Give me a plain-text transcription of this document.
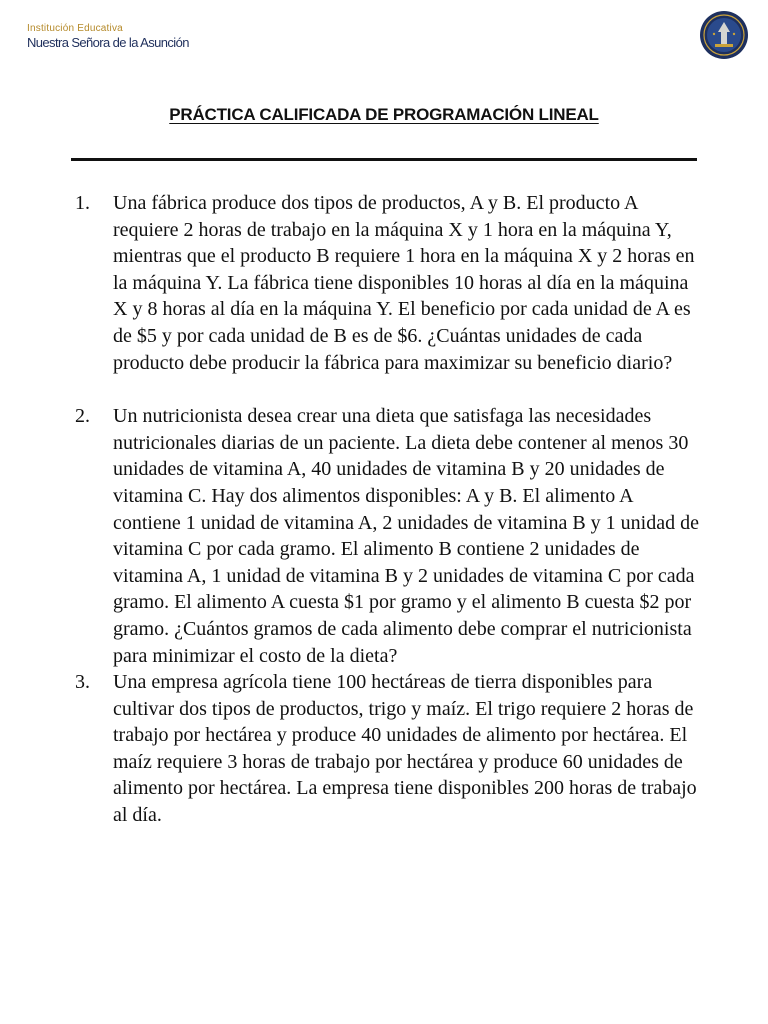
Institución Educativa
Nuestra Señora de la Asunción
PRÁCTICA CALIFICADA DE PROGRAMACIÓN LINEAL
1. Una fábrica produce dos tipos de productos, A y B. El producto A requiere 2 horas de trabajo en la máquina X y 1 hora en la máquina Y, mientras que el producto B requiere 1 hora en la máquina X y 2 horas en la máquina Y. La fábrica tiene disponibles 10 horas al día en la máquina X y 8 horas al día en la máquina Y. El beneficio por cada unidad de A es de $5 y por cada unidad de B es de $6. ¿Cuántas unidades de cada producto debe producir la fábrica para maximizar su beneficio diario?
2. Un nutricionista desea crear una dieta que satisfaga las necesidades nutricionales diarias de un paciente. La dieta debe contener al menos 30 unidades de vitamina A, 40 unidades de vitamina B y 20 unidades de vitamina C. Hay dos alimentos disponibles: A y B. El alimento A contiene 1 unidad de vitamina A, 2 unidades de vitamina B y 1 unidad de vitamina C por cada gramo. El alimento B contiene 2 unidades de vitamina A, 1 unidad de vitamina B y 2 unidades de vitamina C por cada gramo. El alimento A cuesta $1 por gramo y el alimento B cuesta $2 por gramo. ¿Cuántos gramos de cada alimento debe comprar el nutricionista para minimizar el costo de la dieta?
3. Una empresa agrícola tiene 100 hectáreas de tierra disponibles para cultivar dos tipos de productos, trigo y maíz. El trigo requiere 2 horas de trabajo por hectárea y produce 40 unidades de alimento por hectárea. El maíz requiere 3 horas de trabajo por hectárea y produce 60 unidades de alimento por hectárea. La empresa tiene disponibles 200 horas de trabajo al día.
